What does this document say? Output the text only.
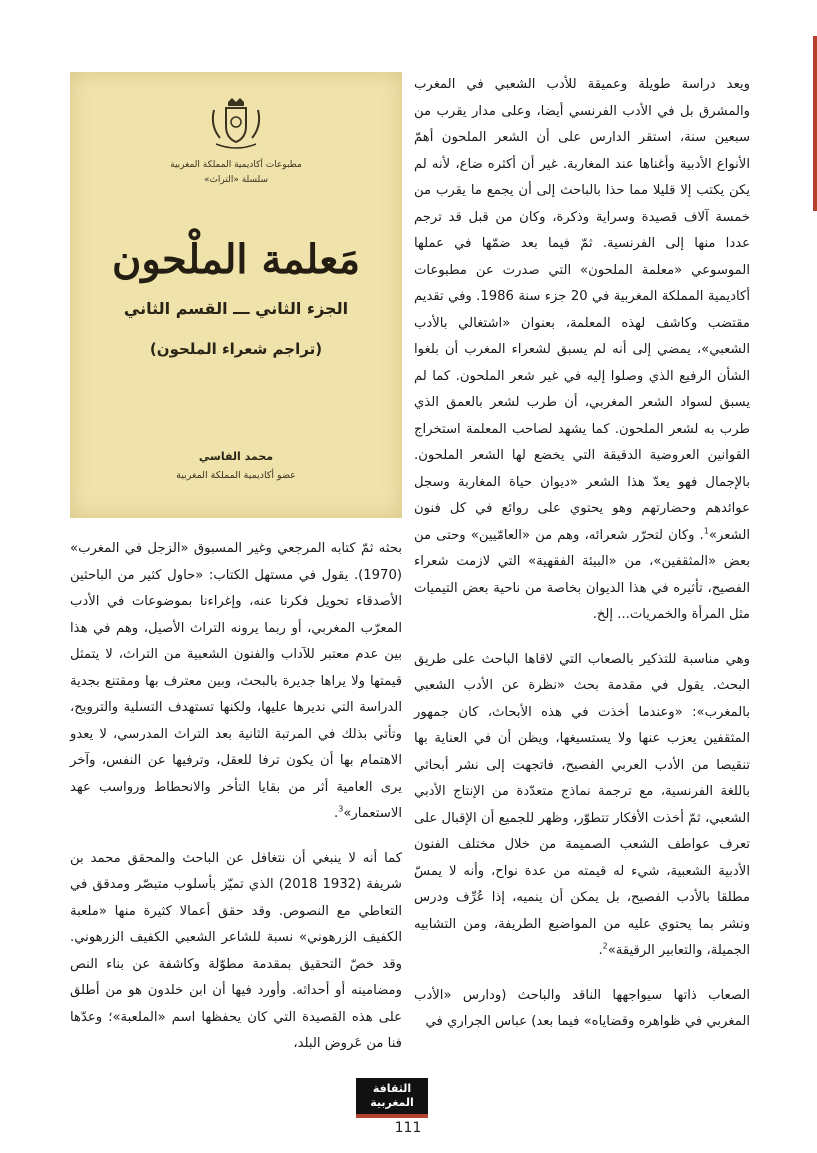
ويعد دراسة طويلة وعميقة للأدب الشعبي في المغرب والمشرق بل في الأدب الفرنسي أيضا، وعلى مدار يقرب من سبعين سنة، استقر الدارس على أن الشعر الملحون أهمّ الأنواع الأدبية وأغناها عند المغاربة. غير أن أكثره ضاع، لأنه لم يكن يكتب إلا قليلا مما حذا بالباحث إلى أن يجمع ما يقرب من خمسة آلاف قصيدة وسراية وذكرة، وكان من قبل قد ترجم عددا منها إلى الفرنسية. ثمّ فيما بعد ضمّها في عملها الموسوعي «معلمة الملحون» التي صدرت عن مطبوعات أكاديمية المملكة المغربية في 20 جزء سنة 1986. وفي تقديم مقتضب وكاشف لهذه المعلمة، بعنوان «اشتغالي بالأدب الشعبي»، يمضي إلى أنه لم يسبق لشعراء المغرب أن بلغوا الشأن الرفيع الذي وصلوا إليه في غير شعر الملحون. كما لم يسبق لسواد الشعر المغربي، أن طرب لشعر بالعمق الذي طرب به لشعر الملحون. كما يشهد لصاحب المعلمة استخراج القوانين العروضية الدقيقة التي يخضع لها الشعر الملحون. بالإجمال فهو يعدّ هذا الشعر «ديوان حياة المغاربة وسجل عوائدهم وحضارتهم وهو يحتوي على روائع في كل فنون الشعر»$^1$. وكان لتحرّر شعرائه، وهم من «العامّيين» وحتى من بعض «المثقفين»، من «البيئة الفقهية» التي لازمت شعراء الفصيح، تأثيره في هذا الديوان بخاصة من ناحية بعض التيميات مثل المرأة والخمريات... إلخ.

وهي مناسبة للتذكير بالصعاب التي لاقاها الباحث على طريق البحث. يقول في مقدمة بحث «نظرة عن الأدب الشعبي بالمغرب»: «وعندما أخذت في هذه الأبحاث، كان جمهور المثقفين يعزب عنها ولا يستسيغها، ويظن أن في العناية بها تنقيصا من الأدب العربي الفصيح، فاتجهت إلى نشر أبحاثي باللغة الفرنسية، مع ترجمة نماذج متعدّدة من الإنتاج الأدبي الشعبي، ثمّ أخذت الأفكار تتطوّر، وظهر للجميع أن الإقبال على تعرف عواطف الشعب الصميمة من خلال مختلف الفنون الأدبية الشعبية، شيء له قيمته من عدة نواح، وأنه لا يمسّ مطلقا بالأدب الفصيح، بل يمكن أن ينميه، إذا عُرِّف ودرس ونشر بما يحتوي عليه من المواضيع الطريفة، ومن التشابيه الجميلة، والتعابير الرقيقة»$^2$.

الصعاب ذاتها سيواجهها الناقد والباحث (ودارس «الأدب المغربي في ظواهره وقضاياه» فيما بعد) عباس الجراري في

مطبوعات أكاديمية المملكة المغربية
سلسلة «التراث»
مَعلمة الملْحون
الجزء الثاني ـــ القسم الثاني
(تراجم شعراء الملحون)
محمد الفاسي
عضو أكاديمية المملكة المغربية

بحثه ثمّ كتابه المرجعي وغير المسبوق «الزجل في المغرب» (1970). يقول في مستهل الكتاب: «حاول كثير من الباحثين الأصدقاء تحويل فكرنا عنه، وإغراءنا بموضوعات في الأدب المعرّب المغربي، أو ربما يرونه التراث الأصيل، وهم في هذا بين عدم معتبر للآداب والفنون الشعبية من التراث، لا يتمثل قيمتها ولا يراها جديرة بالبحث، وبين معترف بها ومقتنع بجدية الدراسة التي نديرها عليها، ولكنها تستهدف التسلية والترويح، وتأتي بذلك في المرتبة الثانية بعد التراث المدرسي، لا يعدو الاهتمام بها أن يكون ترفا للعقل، وترفيها عن النفس، وآخر يرى العامية أثر من بقايا التأخر والانحطاط ورواسب عهد الاستعمار»$^3$.

كما أنه لا ينبغي أن نتغافل عن الباحث والمحقق محمد بن شريفة (1932 2018) الذي تميّز بأسلوب متبصّر ومدقق في التعاطي مع النصوص. وقد حقق أعمالا كثيرة منها «ملعبة الكفيف الزرهوني» نسبة للشاعر الشعبي الكفيف الزرهوني. وقد خصّ التحقيق بمقدمة مطوّلة وكاشفة عن بناء النص ومضامينه أو أحداثه. وأورد فيها أن ابن خلدون هو من أطلق على هذه القصيدة التي كان يحفظها اسم «الملعبة»؛ وعدّها فنا من عَروض البلد،

الثقافة
المغربية
111
